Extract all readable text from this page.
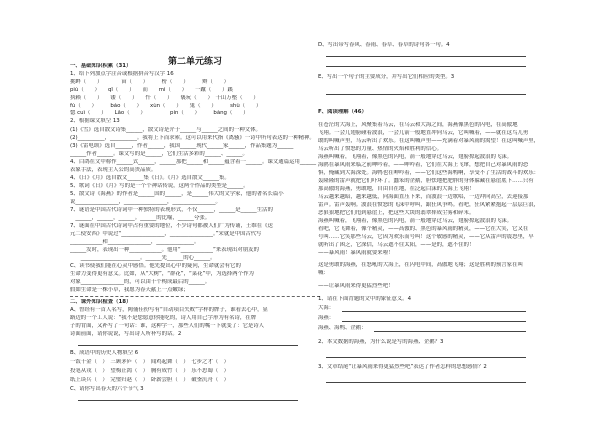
第二单元练习
一、基础知识积累（31）
1、给下列加点字注音或根据拼音写汉字 16
挑衅（　　）　　　　亩（　　）　　　枌（　　）　　　辫（　　）
piú（　　）　　qǐ（　　）　　而　　mì（　　）　　一蹴（　　）蹊
执赖（　　）　　镂（　　）　　忏（　　）　　亵玩（　　）　千山万壑（　　）
fù（　　）　　　báo（　　）　　xùn（　　）　　鬼（　　）　　　shù（　　）
惚 cuì（　　）　　Lǎo（　　）　　　　　pín（　　）　　　bàng（　　）
2、根据课文填空 13
(1)《雪》选自散文诗集______，散文诗是介于______与______之间的一种文体。
(2)__________，__________。我将上下而求索。这可以用来代指《离骚》一诗中所句表达的一种精神。
(3)《雷电颂》选自______，作者______，我国______现代______家______，作品集题为______
______作者______。课文写的是______，它们生活多彩的______、______。
4、白鸽在文中称作______式______，______那把______和______蕴含着一______。课文通篇运用______
表象手法，表现主人公的高贵品质。
4、《日》《月》选自散文______集《日》。《月》选自散文______集。
5、歌词《日》《月》写的是一个个神话传说，这两个作品的类型是______。
5、散文诗《海燕》的作者是______国的______，是______伟大的文学家，他的著名长篇小
说________________，________________，________________。
7、谜语是中国古代诗词中一种独特的表现形式，不仅______，______是______生活的
　______，______，______。______的比喻，______夸张。
7、谜面在中国古代诗词中占有重要的地位，不少诗句都被人们广为传诵，王维在《送
元二使安西》中说过“________________，________________。”宋就是中国古代写
____________和________________，______________。
______发时，表现出一种____________。他用“____________”来表现出对朋友的
　　______________________。______先______的心______。
C、读书使我们能在心灵中感悟。他先提出心中的疑问，生命就会有它的
生命力变得更有意义。比如，从“大树”，“群花”，“菜花”中，为选择两个作为
对象________________的，可以由十个构成最后的______。
假如生命是一株小草，我愿为春天献上一点嫩绿；
二、课外知识检查（18）
A、曾经有一首人名写，陶俑佳扮写有“自动项目失败”字样的牌子，谁看去心中，显
路边的一个工人说：“我不是您愿意你能吃的，诗人用自己字形为有名诗，在牌
子的背面，又补写了一句话：谁，这种字一，那些人们的嘴一下就变了：它是诗人
诗面前面，请你说说，写出诗人所补写的话。2
B、成语中的历史人物填空 6
一饭千金（　）　三顾茅庐（　）　闻鸡起舞（　）　七步之才（　）
投笔从戎（　）　望梅止渴（　）　胸有成竹（　）　乐不思蜀（　）
纸上谈兵（　）　完璧归赵（　）　卧薪尝胆（　）　破釜沉舟（　）
C、请你写出春天的六个节气 3
D、写出带写春风、春雨、春草、春草的诗句各一句。4
E、写出一个句子的主要成分，并写出它们相应的类型。3
F、阅读理解（46）
在苍茫的大海上，风聚集着乌云，在乌云和大海之间，海燕像黑色的闪电，在高傲地
飞翔。一会儿翅膀碰着波浪，一会儿箭一般地直冲向乌云，它叫喊着，——就在这鸟儿勇
敢的叫喊声里，乌云听出了欢乐。在这叫喊声里——充满着对暴风雨的渴望！在这叫喊声里，
乌云听出了愤怒的力量、热情的火焰和胜利的信心。
海燕叫喊着，飞翔着，像黑色的闪电，箭一般地穿过乌云，翅膀掠起波浪的飞沫。
海鸥在暴风雨来临之前呻吟着，——呻吟着，它们在大海上飞窜，想把自己对暴风雨的恐
惧，掩藏到大海深处。海鸭也在呻吟着，——它们这些海鸭啊，享受不了生活的战斗的欢乐：
轰隆隆的雷声就把它们吓坏了。蠢笨的企鹅，胆怯地把肥胖的身体躲藏在悬崖底下……只有
那高傲的海燕，勇敢地，自由自在地，在泛起白沫的大海上飞翔！
乌云越来越暗，越来越低，向海面直压下来，而波浪一边歌唱，一边冲向高空，去迎接那
雷声。雷声轰响。波浪在愤怒的飞沫中呼叫，跟狂风争鸣。看吧，狂风紧紧抱起一层层巨浪，
恶狠狠地把它们甩到悬崖上，把这些大块的翡翠摔成尘雾和碎末。
海燕叫喊着，飞翔着，像黑色的闪电，箭一般地穿过乌云，翅膀掠起波浪的飞沫。
看吧，它飞舞着，像个精灵，——高傲的、黑色的暴风雨的精灵，——它在大笑，它又在
号叫……它笑那些乌云，它因为欢乐而号叫！这个敏感的精灵，——它从雷声的震怒里，早
就听出了困乏，它深信，乌云遮不住太阳，——是的，遮不住的！
——暴风雨！暴风雨就要来啦！
这是勇敢的海燕，在怒吼的大海上，在闪电中间，高傲地飞翔；这是胜利的预言家在叫
喊：
——让暴风雨来得更猛烈些吧！
1、请在下面背题的文中的象征意义。4
大海：
海燕：
海燕、海鸭、企鹅：
2、本文数据的海燕，为什么说是写的海燕、企鹅？3
3、文章结尾“让暴风雨来得更猛烈些吧”表达了作者怎样的思想感情？2
